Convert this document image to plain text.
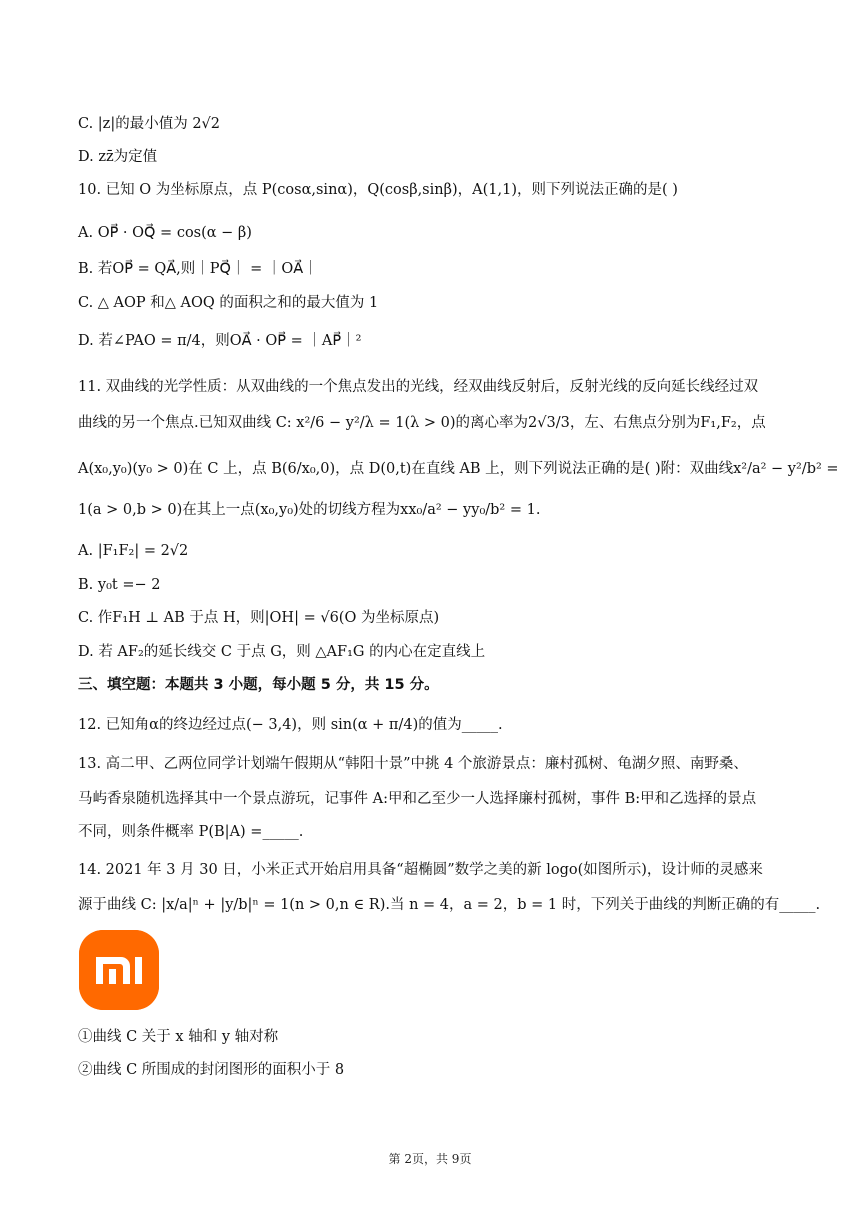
C. |z|的最小值为 2√2
D. zz̄为定值
10. 已知 O 为坐标原点，点 P(cosα,sinα)，Q(cosβ,sinβ)，A(1,1)，则下列说法正确的是( )
A. OP⃗ · OQ⃗ = cos(α − β)
B. 若OP⃗ = QA⃗,则｜PQ⃗｜ = ｜OA⃗｜
C. △ AOP 和△ AOQ 的面积之和的最大值为 1
D. 若∠PAO = π/4，则OA⃗ · OP⃗ = ｜AP⃗｜²
11. 双曲线的光学性质：从双曲线的一个焦点发出的光线，经双曲线反射后，反射光线的反向延长线经过双
曲线的另一个焦点.已知双曲线 C: x²/6 − y²/λ = 1(λ > 0)的离心率为2√3/3，左、右焦点分别为F₁,F₂，点
A(x₀,y₀)(y₀ > 0)在 C 上，点 B(6/x₀,0)，点 D(0,t)在直线 AB 上，则下列说法正确的是( )附：双曲线x²/a² − y²/b² =
1(a > 0,b > 0)在其上一点(x₀,y₀)处的切线方程为xx₀/a² − yy₀/b² = 1.
A. |F₁F₂| = 2√2
B. y₀t =− 2
C. 作F₁H ⊥ AB 于点 H，则|OH| = √6(O 为坐标原点)
D. 若 AF₂的延长线交 C 于点 G，则 △AF₁G 的内心在定直线上
三、填空题：本题共 3 小题，每小题 5 分，共 15 分。
12. 已知角α的终边经过点(− 3,4)，则 sin(α + π/4)的值为_____.
13. 高二甲、乙两位同学计划端午假期从“韩阳十景”中挑 4 个旅游景点：廉村孤树、龟湖夕照、南野桑、
马屿香泉随机选择其中一个景点游玩，记事件 A:甲和乙至少一人选择廉村孤树，事件 B:甲和乙选择的景点
不同，则条件概率 P(B|A) =_____.
14. 2021 年 3 月 30 日，小米正式开始启用具备“超椭圆”数学之美的新 logo(如图所示)，设计师的灵感来
源于曲线 C: |x/a|ⁿ + |y/b|ⁿ = 1(n > 0,n ∈ R).当 n = 4，a = 2，b = 1 时，下列关于曲线的判断正确的有_____.
①曲线 C 关于 x 轴和 y 轴对称
②曲线 C 所围成的封闭图形的面积小于 8
第 2页，共 9页
